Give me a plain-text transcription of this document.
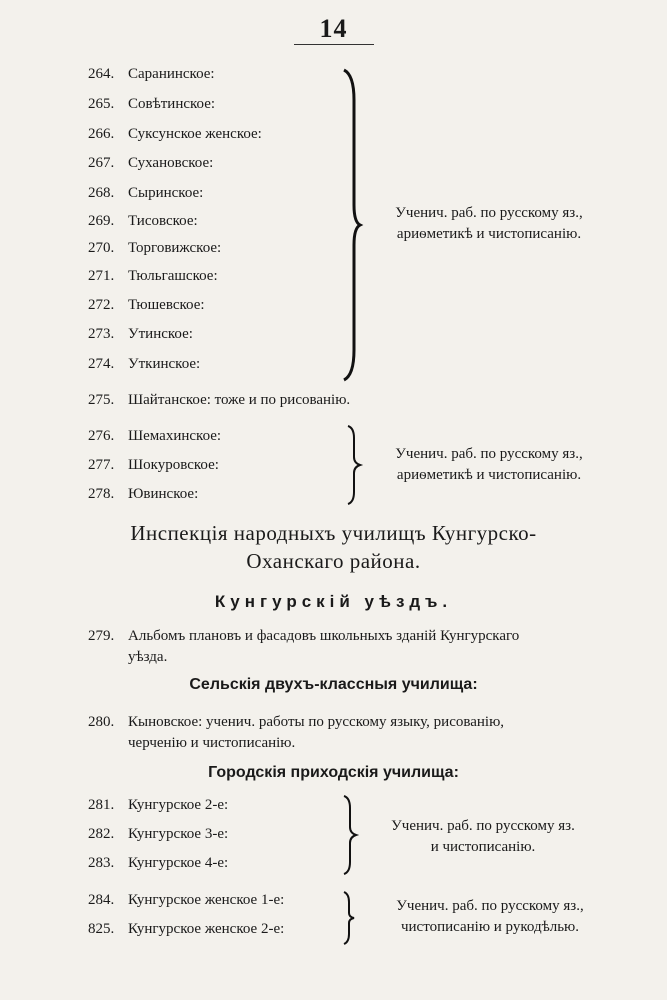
14
264. Саранинское:
265. Совѣтинское:
266. Суксунское женское:
267. Сухановское:
268. Сыринское:
269. Тисовское:
270. Торговижское:
271. Тюльгашское:
272. Тюшевское:
273. Утинское:
274. Уткинское:
Ученич. раб. по русскому яз.,
ариѳметикѣ и чистописанію.
275. Шайтанское: тоже и по рисованію.
276. Шемахинское:
277. Шокуровское:
278. Ювинское:
Ученич. раб. по русскому яз.,
ариѳметикѣ и чистописанію.
Инспекція народныхъ училищъ Кунгурско-
Оханскаго района.
Кунгурскій уѣздъ.
279. Альбомъ плановъ и фасадовъ школьныхъ зданій Кунгурскаго
уѣзда.
Сельскія двухъ-классныя училища:
280. Кыновское: ученич. работы по русскому языку, рисованію,
черченію и чистописанію.
Городскія приходскія училища:
281. Кунгурское 2-е:
282. Кунгурское 3-е:
283. Кунгурское 4-е:
Ученич. раб. по русскому яз.
и чистописанію.
284. Кунгурское женское 1-е:
825. Кунгурское женское 2-е:
Ученич. раб. по русскому яз.,
чистописанію и рукодѣлью.
